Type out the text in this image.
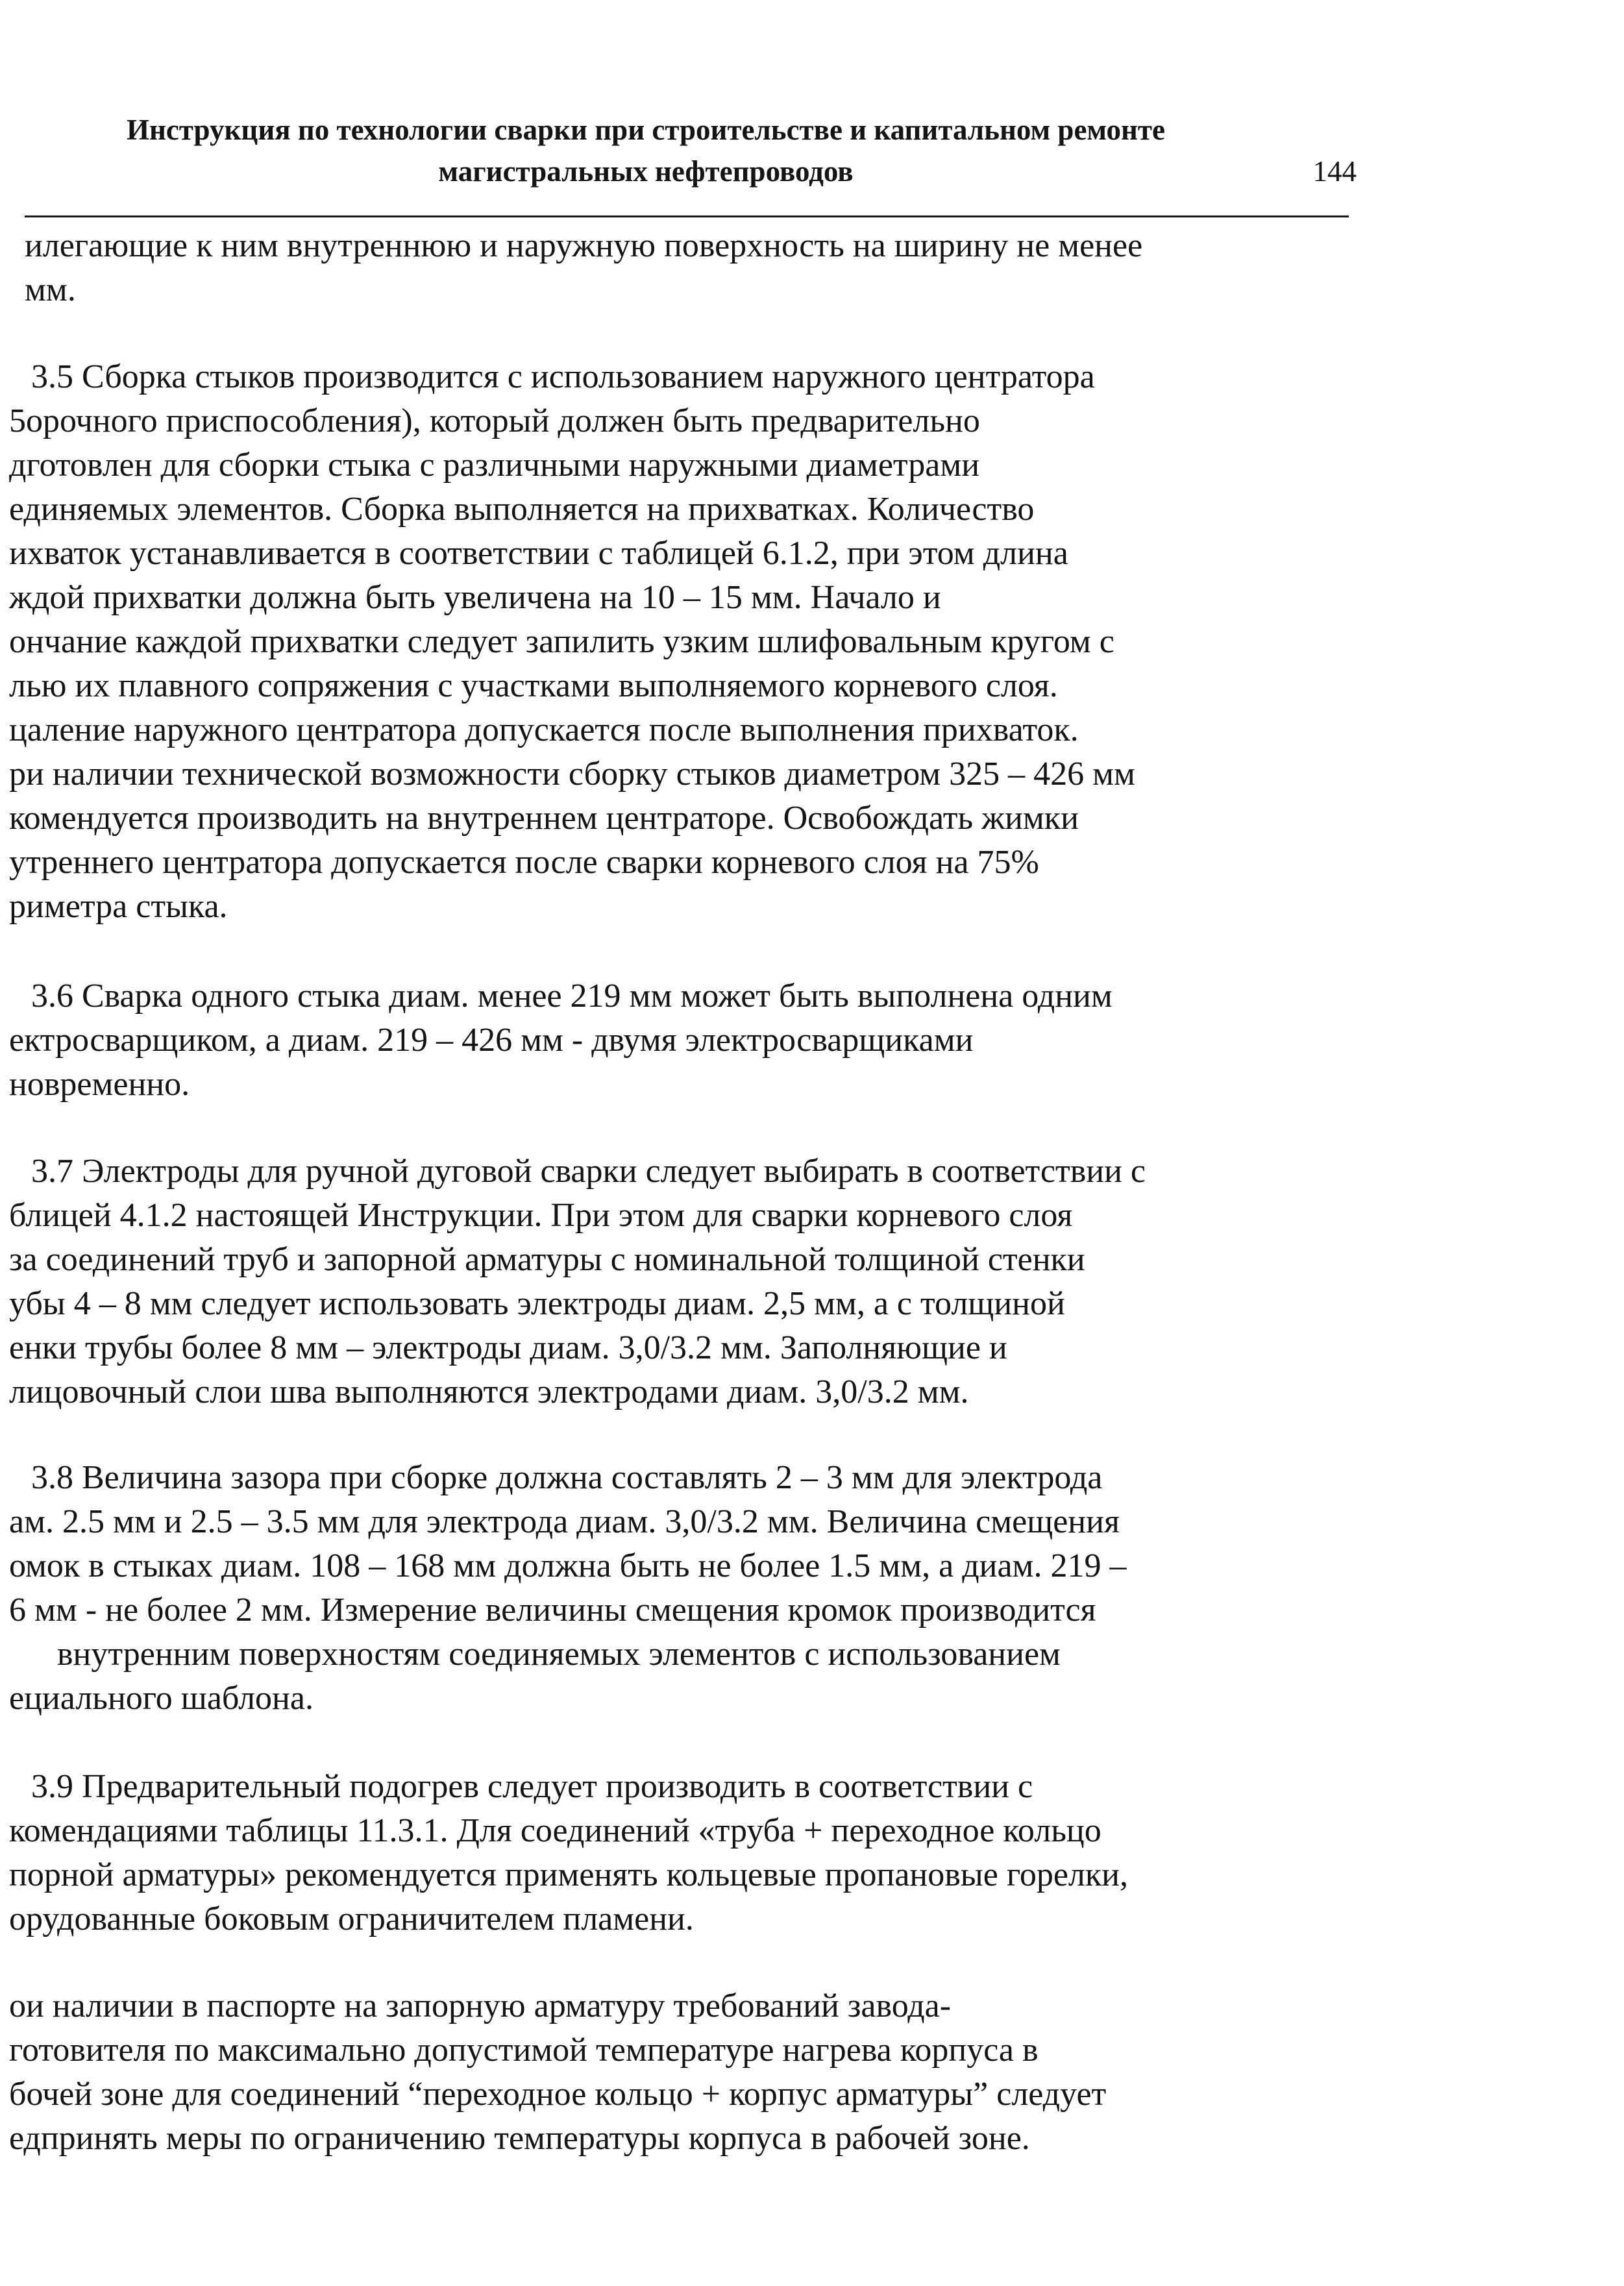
Инструкция по технологии сварки при строительстве и капитальном ремонте
магистральных нефтепроводов	144
илегающие к ним внутреннюю и наружную поверхность на ширину не менее
мм.
3.5 Сборка стыков производится с использованием наружного центратора
5орочного приспособления), который должен быть предварительно
дготовлен для сборки стыка с различными наружными диаметрами
единяемых элементов. Сборка выполняется на прихватках. Количество
ихваток устанавливается в соответствии с таблицей 6.1.2, при этом длина
ждой прихватки должна быть увеличена на 10 – 15 мм. Начало и
ончание каждой прихватки следует запилить узким шлифовальным кругом с
лью их плавного сопряжения с участками выполняемого корневого слоя.
цаление наружного центратора допускается после выполнения прихваток.
ри наличии технической возможности сборку стыков диаметром 325 – 426 мм
комендуется производить на внутреннем центраторе. Освобождать жимки
утреннего центратора допускается после сварки корневого слоя на 75%
риметра стыка.
3.6 Сварка одного стыка диам. менее 219 мм может быть выполнена одним
ектросварщиком, а диам. 219 – 426 мм - двумя электросварщиками
новременно.
3.7 Электроды для ручной дуговой сварки следует выбирать в соответствии с
блицей 4.1.2 настоящей Инструкции. При этом для сварки корневого слоя
за соединений труб и запорной арматуры с номинальной толщиной стенки
убы 4 – 8 мм следует использовать электроды диам. 2,5 мм, а с толщиной
енки трубы более 8 мм – электроды диам. 3,0/3.2 мм. Заполняющие и
лицовочный слои шва выполняются электродами диам. 3,0/3.2 мм.
3.8 Величина зазора при сборке должна составлять 2 – 3 мм для электрода
ам. 2.5 мм и 2.5 – 3.5 мм для электрода диам. 3,0/3.2 мм. Величина смещения
омок в стыках диам. 108 – 168 мм должна быть не более 1.5 мм, а диам. 219 –
6 мм - не более 2 мм. Измерение величины смещения кромок производится
внутренним поверхностям соединяемых элементов с использованием
ециального шаблона.
3.9 Предварительный подогрев следует производить в соответствии с
комендациями таблицы 11.3.1. Для соединений «труба + переходное кольцо
порной арматуры» рекомендуется применять кольцевые пропановые горелки,
орудованные боковым ограничителем пламени.
ои наличии в паспорте на запорную арматуру требований завода-
готовителя по максимально допустимой температуре нагрева корпуса в
бочей зоне для соединений “переходное кольцо + корпус арматуры” следует
едпринять меры по ограничению температуры корпуса в рабочей зоне.
